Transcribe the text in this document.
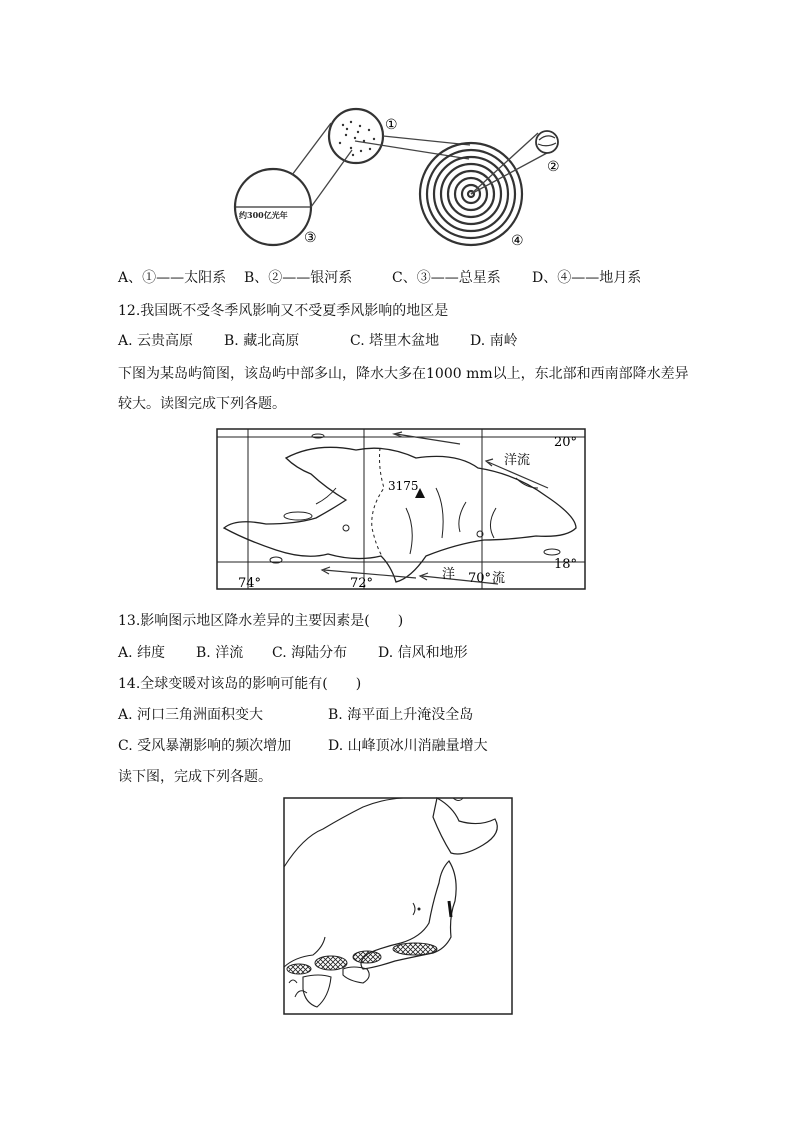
约300亿光年
①
②
③	④
A、①——太阳系 B、②——银河系	C、③——总星系 D、④——地月系
12.我国既不受冬季风影响又不受夏季风影响的地区是
A. 云贵高原 B. 藏北高原	C. 塔里木盆地 D. 南岭
下图为某岛屿简图，该岛屿中部多山，降水大多在1000 mm以上，东北部和西南部降水差异
较大。读图完成下列各题。
3175
洋流
洋	流
20°
18°
74°	72°	70°
13.影响图示地区降水差异的主要因素是(　　)
A. 纬度 B. 洋流 C. 海陆分布 D. 信风和地形
14.全球变暖对该岛的影响可能有(　　)
A. 河口三角洲面积变大	B. 海平面上升淹没全岛
C. 受风暴潮影响的频次增加	D. 山峰顶冰川消融量增大
读下图，完成下列各题。
